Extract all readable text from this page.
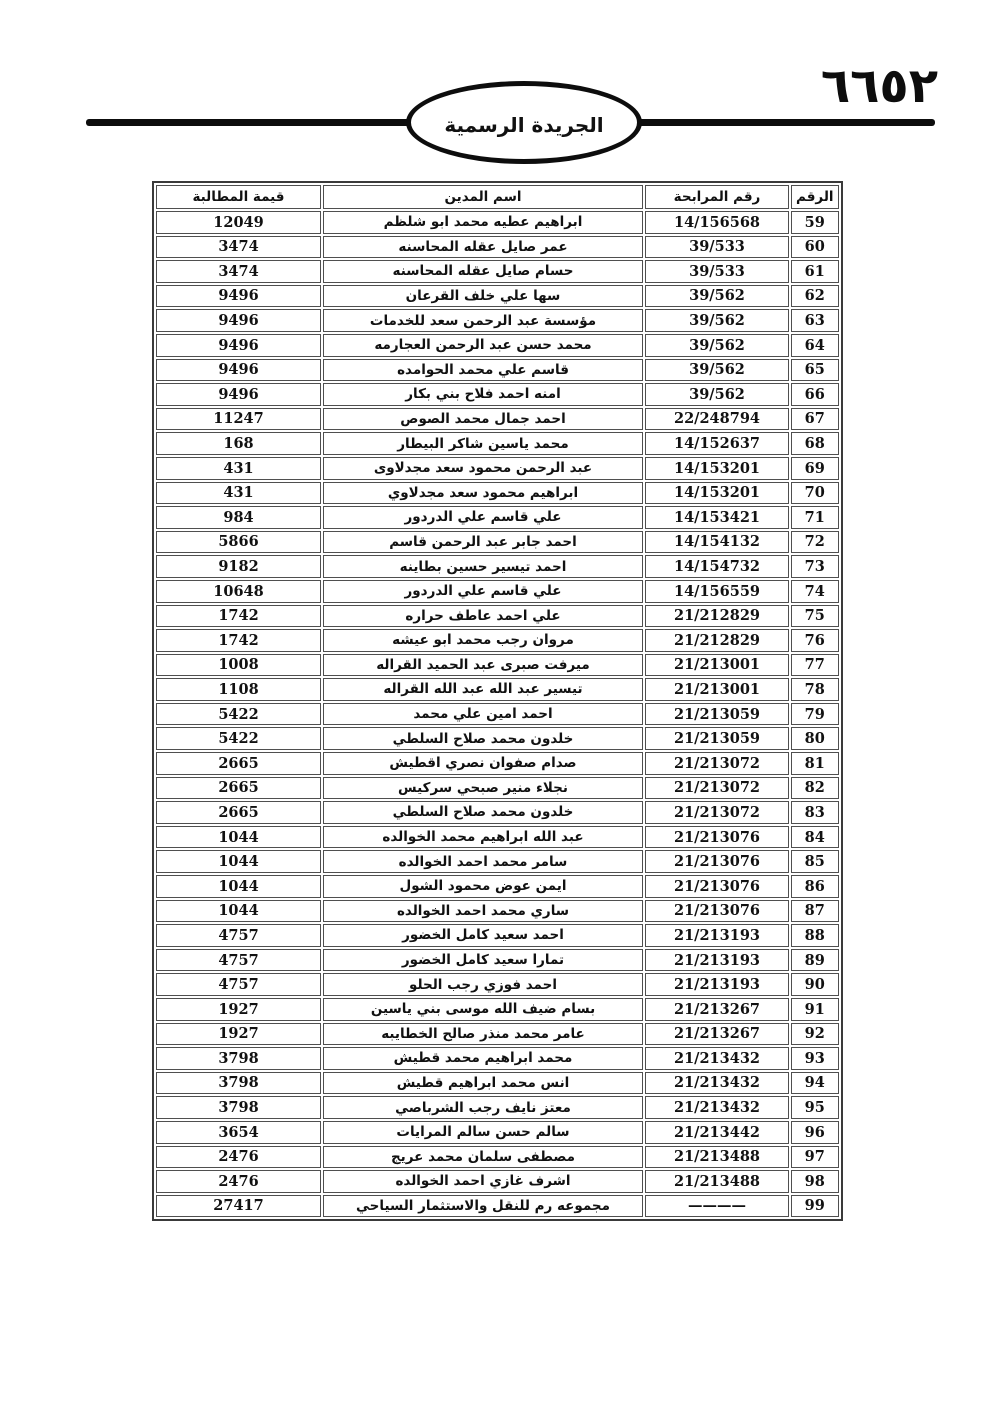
٦٦٥٢
الجريدة الرسمية
الرقم	رقم المرابحة	اسم المدين	قيمة المطالبة
59	14/156568	ابراهيم عطيه محمد ابو شلظم	12049
60	39/533	عمر صايل عقله المحاسنه	3474
61	39/533	حسام صايل عقله المحاسنه	3474
62	39/562	سها علي خلف القرعان	9496
63	39/562	مؤسسة عبد الرحمن سعد للخدمات	9496
64	39/562	محمد حسن عبد الرحمن العجارمه	9496
65	39/562	قاسم علي محمد الحوامده	9496
66	39/562	امنه احمد فلاح بني بكار	9496
67	22/248794	احمد جمال محمد الصوص	11247
68	14/152637	محمد ياسين شاكر البيطار	168
69	14/153201	عبد الرحمن محمود سعد مجدلاوى	431
70	14/153201	ابراهيم محمود سعد مجدلاوي	431
71	14/153421	علي قاسم علي الدردور	984
72	14/154132	احمد جابر عبد الرحمن قاسم	5866
73	14/154732	احمد تيسير حسين بطاينه	9182
74	14/156559	علي قاسم علي الدردور	10648
75	21/212829	علي احمد عاطف حراره	1742
76	21/212829	مروان رجب محمد ابو عيشه	1742
77	21/213001	ميرفت صبرى عبد الحميد القراله	1008
78	21/213001	تيسير عبد الله عبد الله القراله	1108
79	21/213059	احمد امين علي محمد	5422
80	21/213059	خلدون محمد صلاح السلطي	5422
81	21/213072	صدام صفوان نصري اقطيش	2665
82	21/213072	نجلاء منير صبحي سركيس	2665
83	21/213072	خلدون محمد صلاح السلطي	2665
84	21/213076	عبد الله ابراهيم محمد الخوالده	1044
85	21/213076	سامر محمد احمد الخوالده	1044
86	21/213076	ايمن عوض محمود الشول	1044
87	21/213076	ساري محمد احمد الخوالده	1044
88	21/213193	احمد سعيد كامل الخضور	4757
89	21/213193	تمارا سعيد كامل الخضور	4757
90	21/213193	احمد فوزي رجب الحلو	4757
91	21/213267	بسام ضيف الله موسى بني ياسين	1927
92	21/213267	عامر محمد منذر صالح الخطايبه	1927
93	21/213432	محمد ابراهيم محمد قطيش	3798
94	21/213432	انس محمد ابراهيم قطيش	3798
95	21/213432	معتز نايف رجب الشرباصي	3798
96	21/213442	سالم حسن سالم المرايات	3654
97	21/213488	مصطفى سلمان محمد عريج	2476
98	21/213488	اشرف غازي احمد الخوالده	2476
99	————	مجموعه رم للنقل والاستثمار السياحي	27417
